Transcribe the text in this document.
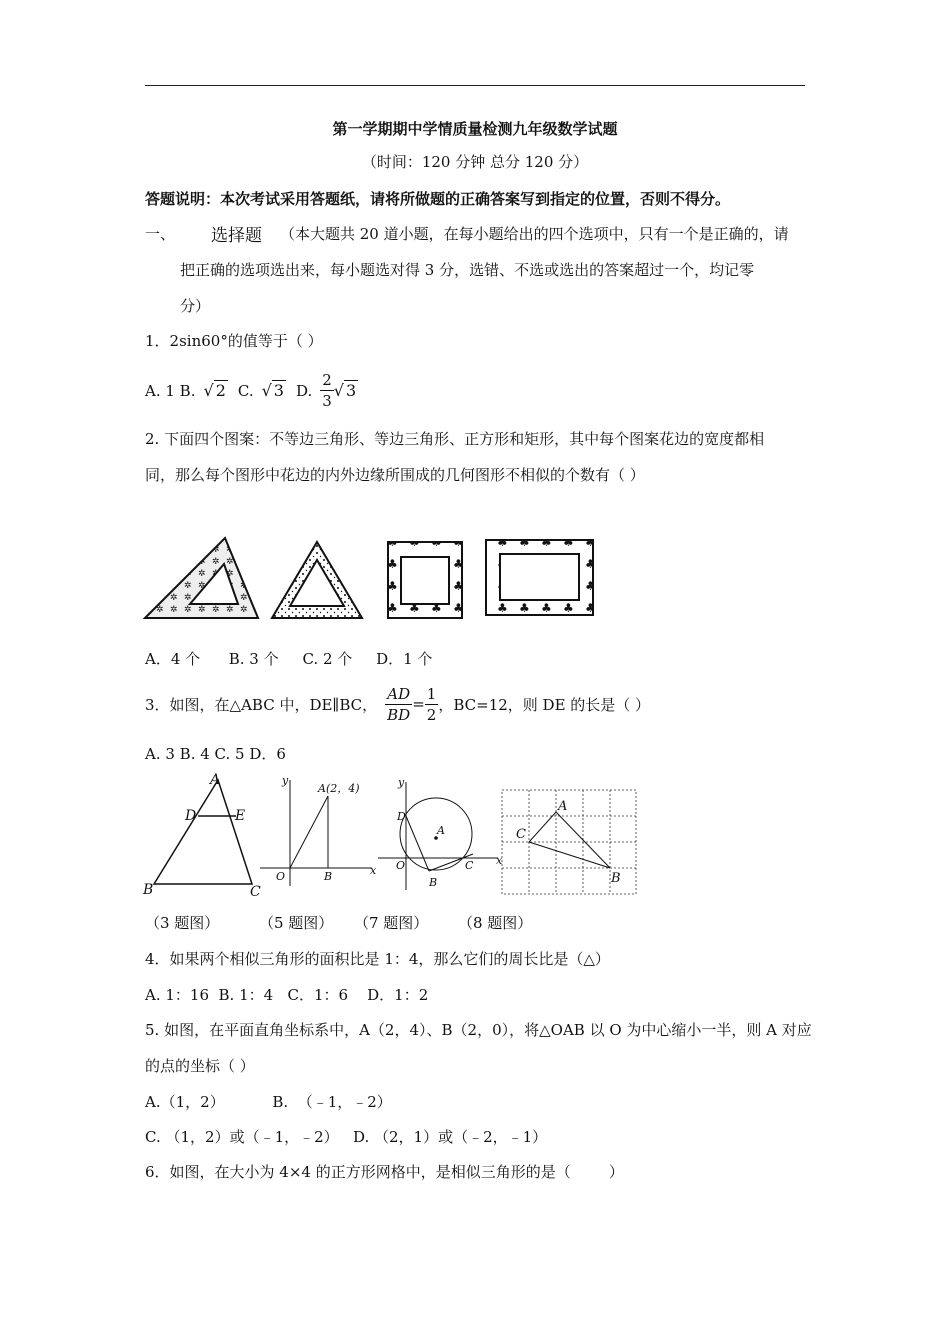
第一学期期中学情质量检测九年级数学试题
（时间：120 分钟 总分 120 分）
答题说明：本次考试采用答题纸，请将所做题的正确答案写到指定的位置，否则不得分。
一、 选择题 （本大题共 20 道小题，在每小题给出的四个选项中，只有一个是正确的，请
把正确的选项选出来，每小题选对得 3 分，选错、不选或选出的答案超过一个，均记零
分）
1．2sin60°的值等于（ ）
A. 1 B. √ 2 C. √ 3 D. $\frac{2}{3}$ √ 3
2. 下面四个图案：不等边三角形、等边三角形、正方形和矩形，其中每个图案花边的宽度都相
同，那么每个图形中花边的内外边缘所围成的几何图形不相似的个数有（ ）
A．4 个      B. 3 个     C. 2 个     D．1 个
3．如图，在△ABC 中，DE∥BC， $\frac{AD}{BD} = \frac{1}{2}$ ，BC=12，则 DE 的长是（ ）
A. 3 B. 4 C. 5 D．6
A
D	E
B	C
y
A(2，4)
O	B	x
y
D
A
O
B
C x
A
C
B
（3 题图）	（5 题图） （7 题图） （8 题图）
4．如果两个相似三角形的面积比是 1：4，那么它们的周长比是（△）
A. 1：16  B. 1：4   C．1：6    D．1：2
5. 如图，在平面直角坐标系中，A（2，4）、B（2，0），将△OAB 以 O 为中心缩小一半，则 A 对应
的点的坐标（ ）
A.（1，2）          B.  （﹣1，﹣2）
C. （1，2）或（﹣1，﹣2）   D. （2，1）或（﹣2，﹣1）
6．如图，在大小为 4×4 的正方形网格中，是相似三角形的是（        ）
